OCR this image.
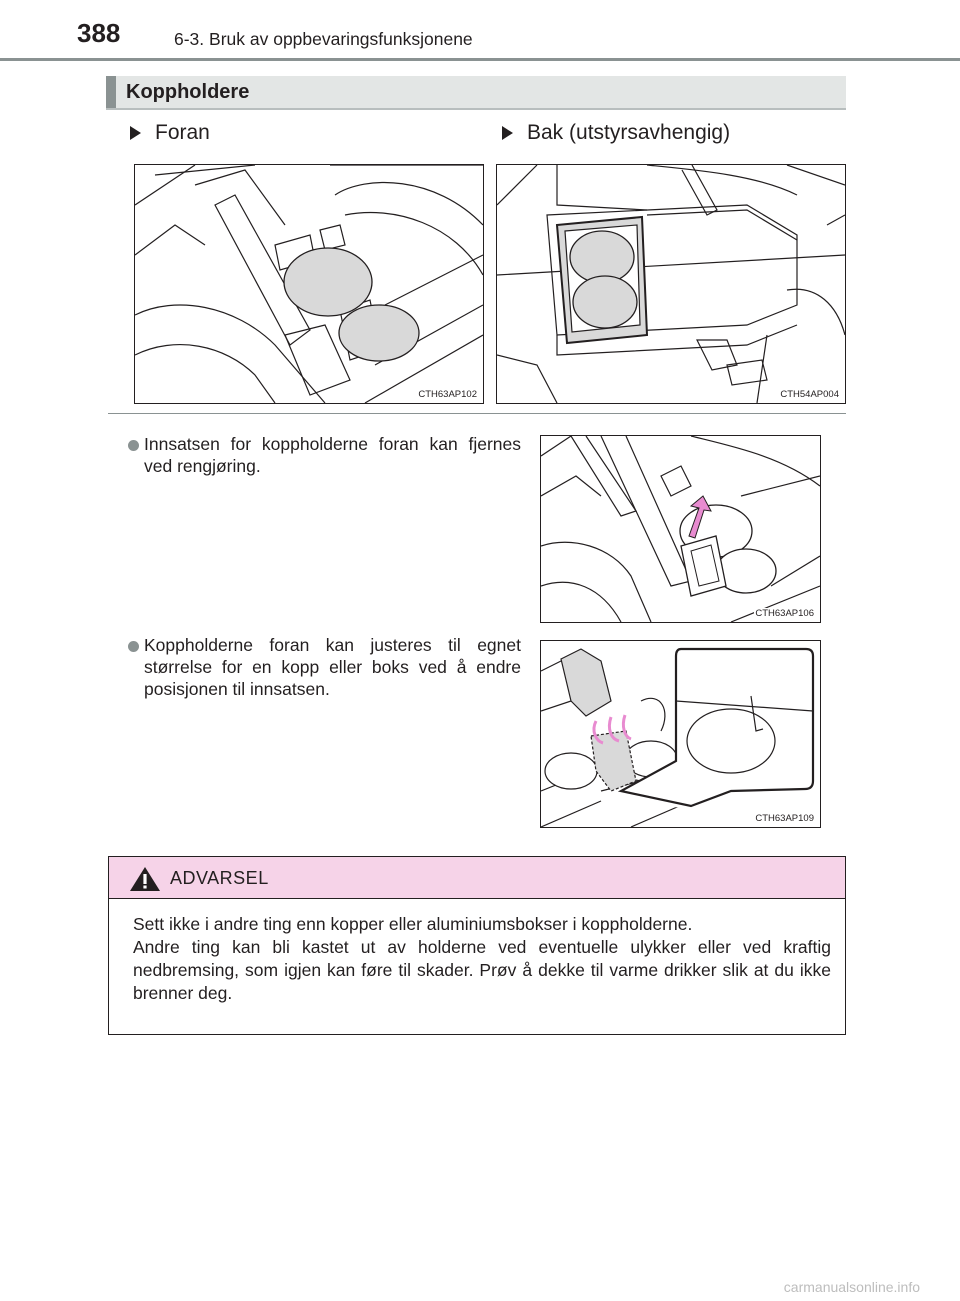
388	6-3. Bruk av oppbevaringsfunksjonene
Koppholdere
Foran	Bak (utstyrsavhengig)
CTH63AP102	CTH54AP004
Innsatsen for koppholderne foran kan fjernes ved rengjøring.
CTH63AP106
Koppholderne foran kan justeres til egnet størrelse for en kopp eller boks ved å endre posisjonen til innsatsen.
CTH63AP109
ADVARSEL
Sett ikke i andre ting enn kopper eller aluminiumsbokser i koppholderne.
Andre ting kan bli kastet ut av holderne ved eventuelle ulykker eller ved kraftig nedbremsing, som igjen kan føre til skader. Prøv å dekke til varme drikker slik at du ikke brenner deg.
carmanualsonline.info
